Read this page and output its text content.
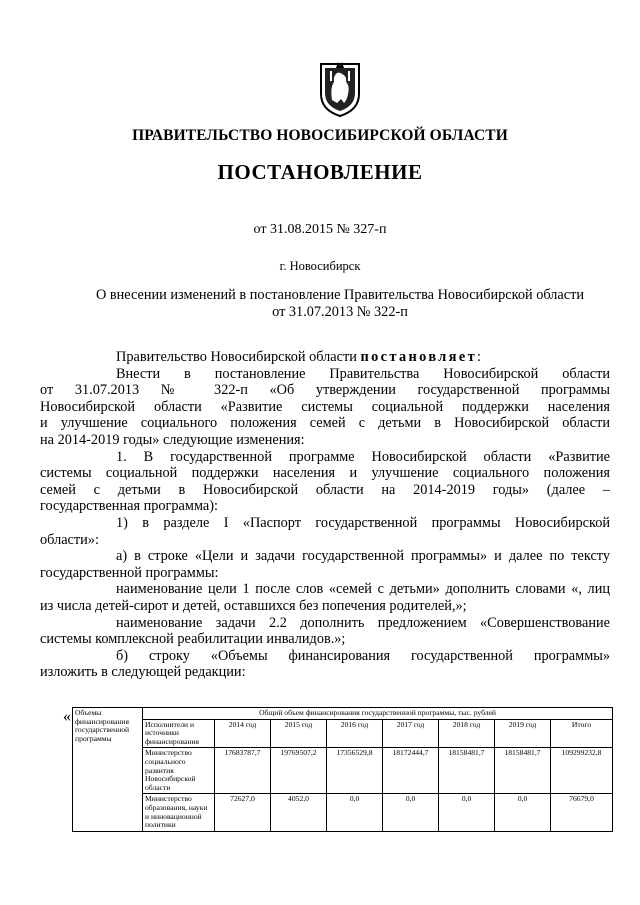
ПРАВИТЕЛЬСТВО НОВОСИБИРСКОЙ ОБЛАСТИ
ПОСТАНОВЛЕНИЕ
от 31.08.2015 № 327-п
г. Новосибирск
О внесении изменений в постановление Правительства Новосибирской области
от 31.07.2013 № 322-п
Правительство Новосибирской области постановляет:
Внести в постановление Правительства Новосибирской области
от 31.07.2013 № 322-п «Об утверждении государственной программы
Новосибирской области «Развитие системы социальной поддержки населения
и улучшение социального положения семей с детьми в Новосибирской области
на 2014-2019 годы» следующие изменения:
1. В государственной программе Новосибирской области «Развитие
системы социальной поддержки населения и улучшение социального положения
семей с детьми в Новосибирской области на 2014-2019 годы» (далее –
государственная программа):
1) в разделе I «Паспорт государственной программы Новосибирской
области»:
а) в строке «Цели и задачи государственной программы» и далее по тексту
государственной программы:
наименование цели 1 после слов «семей с детьми» дополнить словами «, лиц
из числа детей-сирот и детей, оставшихся без попечения родителей,»;
наименование задачи 2.2 дополнить предложением «Совершенствование
системы комплексной реабилитации инвалидов.»;
б) строку «Объемы финансирования государственной программы»
изложить в следующей редакции:
« Объемы финансирования государственной программы	Общий объем финансирования государственной программы, тыс. рублей							
	Исполнители и источники финансирования	2014 год	2015 год	2016 год	2017 год	2018 год	2019 год	Итого
	Министерство социального развития Новосибирской области	17683787,7	19769507,2	17356529,8	18172444,7	18158481,7	18158481,7	109299232,8
	Министерство образования, науки и инновационной политики	72627,0	4052,0	0,0	0,0	0,0	0,0	76679,0
